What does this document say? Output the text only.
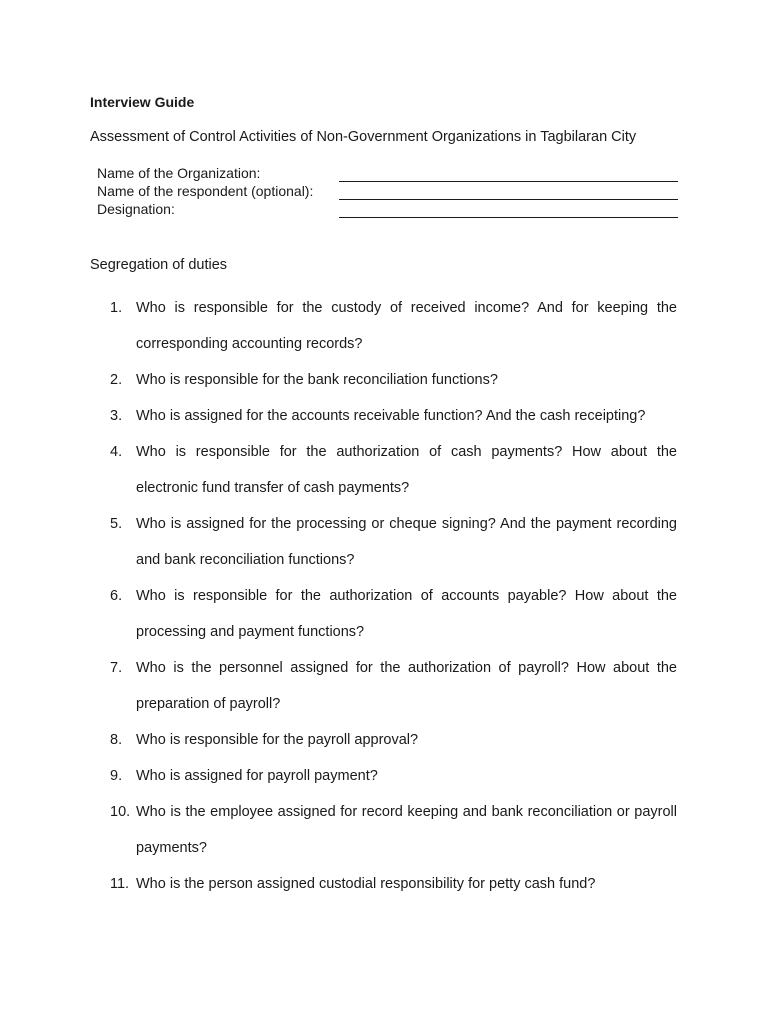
Interview Guide
Assessment of Control Activities of Non-Government Organizations in Tagbilaran City
Name of the Organization:
Name of the respondent (optional):
Designation:
Segregation of duties
1. Who is responsible for the custody of received income? And for keeping the corresponding accounting records?
2. Who is responsible for the bank reconciliation functions?
3. Who is assigned for the accounts receivable function? And the cash receipting?
4. Who is responsible for the authorization of cash payments? How about the electronic fund transfer of cash payments?
5. Who is assigned for the processing or cheque signing? And the payment recording and bank reconciliation functions?
6. Who is responsible for the authorization of accounts payable? How about the processing and payment functions?
7. Who is the personnel assigned for the authorization of payroll? How about the preparation of payroll?
8. Who is responsible for the payroll approval?
9. Who is assigned for payroll payment?
10. Who is the employee assigned for record keeping and bank reconciliation or payroll payments?
11. Who is the person assigned custodial responsibility for petty cash fund?
